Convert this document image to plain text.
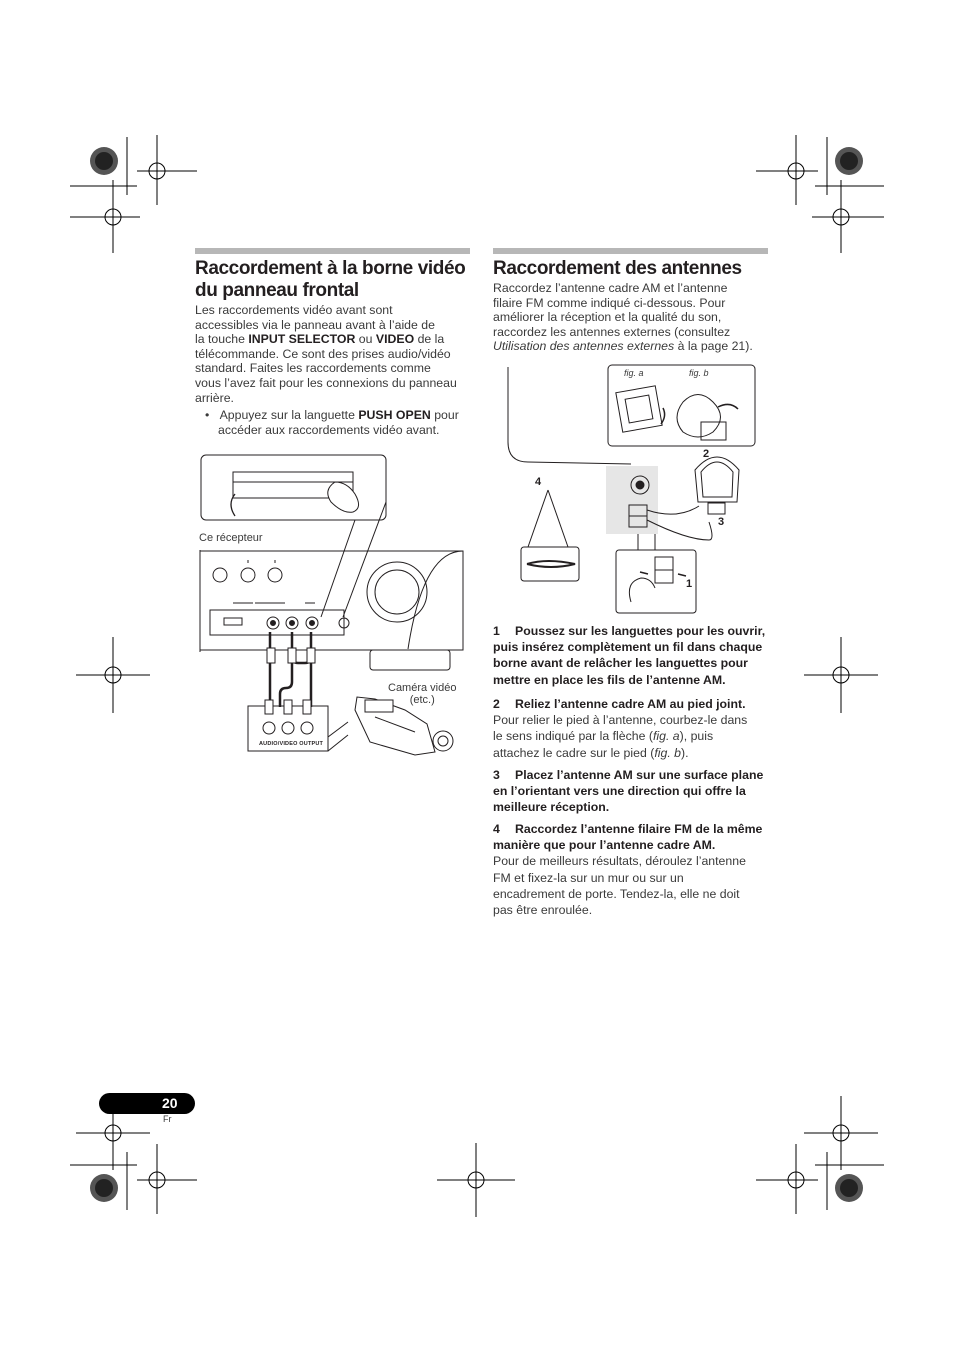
Raccordement à la borne vidéo
du panneau frontal
Les raccordements vidéo avant sont
accessibles via le panneau avant à l’aide de
la touche INPUT SELECTOR ou VIDEO de la
télécommande. Ce sont des prises audio/vidéo
standard. Faites les raccordements comme
vous l’avez fait pour les connexions du panneau
arrière.
•   Appuyez sur la languette PUSH OPEN pour
accéder aux raccordements vidéo avant.
Ce récepteur
Caméra vidéo
(etc.)
AUDIO/VIDEO OUTPUT
Raccordement des antennes
Raccordez l’antenne cadre AM et l’antenne
filaire FM comme indiqué ci-dessous. Pour
améliorer la réception et la qualité du son,
raccordez les antennes externes (consultez
Utilisation des antennes externes à la page 21).
fig. a	fig. b
2
4
3
1
1 Poussez sur les languettes pour les ouvrir,
puis insérez complètement un fil dans chaque
borne avant de relâcher les languettes pour
mettre en place les fils de l’antenne AM.
2 Reliez l’antenne cadre AM au pied joint.
Pour relier le pied à l’antenne, courbez-le dans
le sens indiqué par la flèche (fig. a), puis
attachez le cadre sur le pied (fig. b).
3 Placez l’antenne AM sur une surface plane
en l’orientant vers une direction qui offre la
meilleure réception.
4 Raccordez l’antenne filaire FM de la même
manière que pour l’antenne cadre AM.
Pour de meilleurs résultats, déroulez l’antenne
FM et fixez-la sur un mur ou sur un
encadrement de porte. Tendez-la, elle ne doit
pas être enroulée.
20
Fr
